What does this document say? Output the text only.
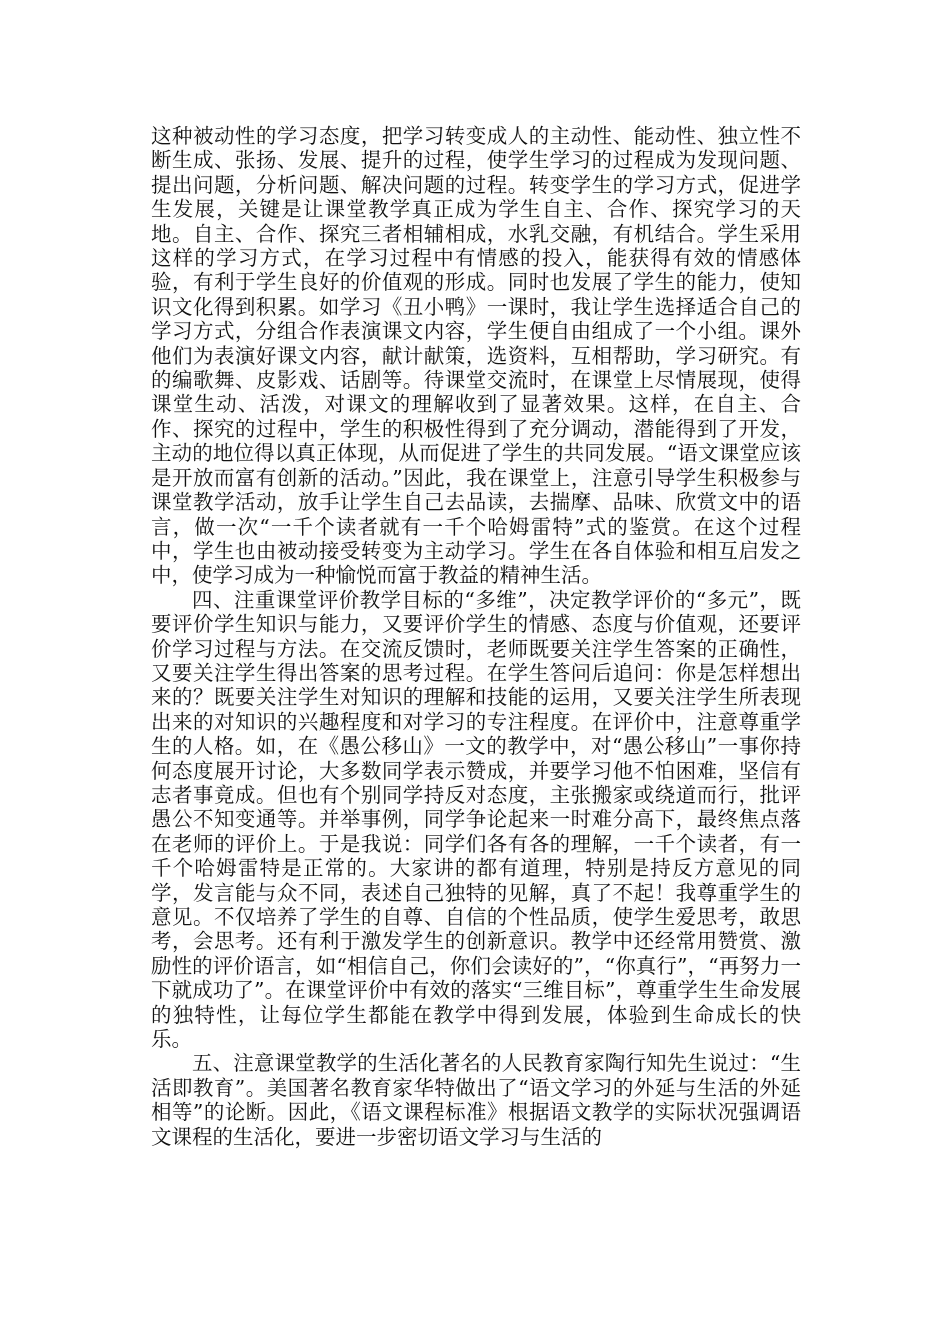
这种被动性的学习态度，把学习转变成人的主动性、能动性、独立性不断生成、张扬、发展、提升的过程，使学生学习的过程成为发现问题、提出问题，分析问题、解决问题的过程。转变学生的学习方式，促进学生发展，关键是让课堂教学真正成为学生自主、合作、探究学习的天地。自主、合作、探究三者相辅相成，水乳交融，有机结合。学生采用这样的学习方式，在学习过程中有情感的投入，能获得有效的情感体验，有利于学生良好的价值观的形成。同时也发展了学生的能力，使知识文化得到积累。如学习《丑小鸭》一课时，我让学生选择适合自己的学习方式，分组合作表演课文内容，学生便自由组成了一个小组。课外他们为表演好课文内容，献计献策，选资料，互相帮助，学习研究。有的编歌舞、皮影戏、话剧等。待课堂交流时，在课堂上尽情展现，使得课堂生动、活泼，对课文的理解收到了显著效果。这样，在自主、合作、探究的过程中，学生的积极性得到了充分调动，潜能得到了开发，主动的地位得以真正体现，从而促进了学生的共同发展。“语文课堂应该是开放而富有创新的活动。”因此，我在课堂上，注意引导学生积极参与课堂教学活动，放手让学生自己去品读，去揣摩、品味、欣赏文中的语言，做一次“一千个读者就有一千个哈姆雷特”式的鉴赏。在这个过程中，学生也由被动接受转变为主动学习。学生在各自体验和相互启发之中，使学习成为一种愉悦而富于教益的精神生活。

四、注重课堂评价教学目标的“多维”，决定教学评价的“多元”，既要评价学生知识与能力，又要评价学生的情感、态度与价值观，还要评价学习过程与方法。在交流反馈时，老师既要关注学生答案的正确性，又要关注学生得出答案的思考过程。在学生答问后追问：你是怎样想出来的？既要关注学生对知识的理解和技能的运用，又要关注学生所表现出来的对知识的兴趣程度和对学习的专注程度。在评价中，注意尊重学生的人格。如，在《愚公移山》一文的教学中，对“愚公移山”一事你持何态度展开讨论，大多数同学表示赞成，并要学习他不怕困难，坚信有志者事竟成。但也有个别同学持反对态度，主张搬家或绕道而行，批评愚公不知变通等。并举事例，同学争论起来一时难分高下，最终焦点落在老师的评价上。于是我说：同学们各有各的理解，一千个读者，有一千个哈姆雷特是正常的。大家讲的都有道理，特别是持反方意见的同学，发言能与众不同，表述自己独特的见解，真了不起！我尊重学生的意见。不仅培养了学生的自尊、自信的个性品质，使学生爱思考，敢思考，会思考。还有利于激发学生的创新意识。教学中还经常用赞赏、激励性的评价语言，如“相信自己，你们会读好的”，“你真行”，“再努力一下就成功了”。在课堂评价中有效的落实“三维目标”，尊重学生生命发展的独特性，让每位学生都能在教学中得到发展，体验到生命成长的快乐。

五、注意课堂教学的生活化著名的人民教育家陶行知先生说过：“生活即教育”。美国著名教育家华特做出了“语文学习的外延与生活的外延相等”的论断。因此，《语文课程标准》根据语文教学的实际状况强调语文课程的生活化，要进一步密切语文学习与生活的
